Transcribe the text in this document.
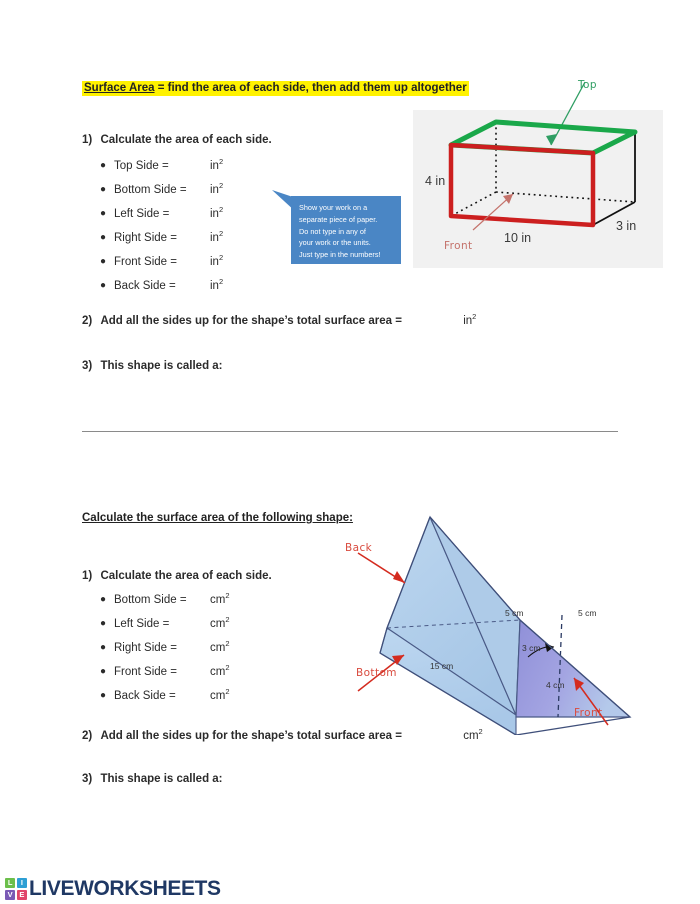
Surface Area = find the area of each side, then add them up altogether
1) Calculate the area of each side.
● Top Side =	$in^2$
● Bottom Side = $in^2$
● Left Side =	$in^2$
● Right Side =	$in^2$
● Front Side =	$in^2$
● Back Side =	$in^2$
Show your work on a
separate piece of paper.
Do not type in any of
your work or the units.
Just type in the numbers!
2) Add all the sides up for the shape’s total surface area =	$in^2$
3) This shape is called a:
Top
Front
4 in
10 in
3 in
Calculate the surface area of the following shape:
1) Calculate the area of each side.
● Bottom Side = $cm^2$
● Left Side =	$cm^2$
● Right Side =	$cm^2$
● Front Side =	$cm^2$
● Back Side =	$cm^2$
2) Add all the sides up for the shape’s total surface area =	$cm^2$
3) This shape is called a:
Back
Bottom
Front
5 cm	5 cm
3 cm
4 cm
15 cm
L	I
V E LIVEWORKSHEETS
